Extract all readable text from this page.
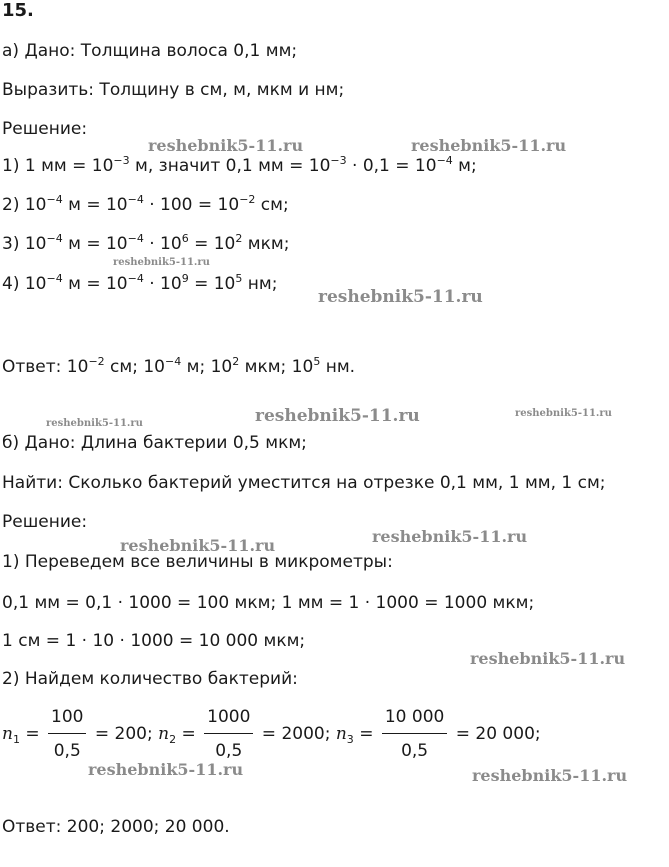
15.
а) Дано: Толщина волоса 0,1 мм;
Выразить: Толщину в см, м, мкм и нм;
Решение:
1) 1 мм = $10^{-3}$ м, значит 0,1 мм = $10^{-3} \cdot 0,1 = 10^{-4}$ м;
2) $10^{-4}$ $м = 10^{-4} \cdot 100 = 10^{-2}$ см;
3) $10^{-4}$ $м = 10^{-4} \cdot 10^6 = 10^2$ мкм;
4) $10^{-4}$ $м = 10^{-4} \cdot 10^9 = 10^5$ нм;
Ответ: $10^{-2}$ см; $10^{-4}$ м; $10^2$ мкм; $10^5$ нм.
б) Дано: Длина бактерии 0,5 мкм;
Найти: Сколько бактерий уместится на отрезке 0,1 мм, 1 мм, 1 см;
Решение:
1) Переведем все величины в микрометры:
0,1 мм = 0,1 · 1000 = 100 мкм; 1 мм = 1 · 1000 = 1000 мкм;
1 см = 1 · 10 · 1000 = 10 000 мкм;
2) Найдем количество бактерий:
$n_1 = \frac{100}{0,5} = 200$; $n_2 = \frac{1000}{0,5} = 2000$; $n_3 = \frac{10 000}{0,5} = 20$ 000;
Ответ: 200; 2000; 20 000.
reshebnik5-11.ru	reshebnik5-11.ru
reshebnik5-11.ru
reshebnik5-11.ru
reshebnik5-11.ru	reshebnik5-11.ru	reshebnik5-11.ru
reshebnik5-11.ru
reshebnik5-11.ru
reshebnik5-11.ru
reshebnik5-11.ru	reshebnik5-11.ru
